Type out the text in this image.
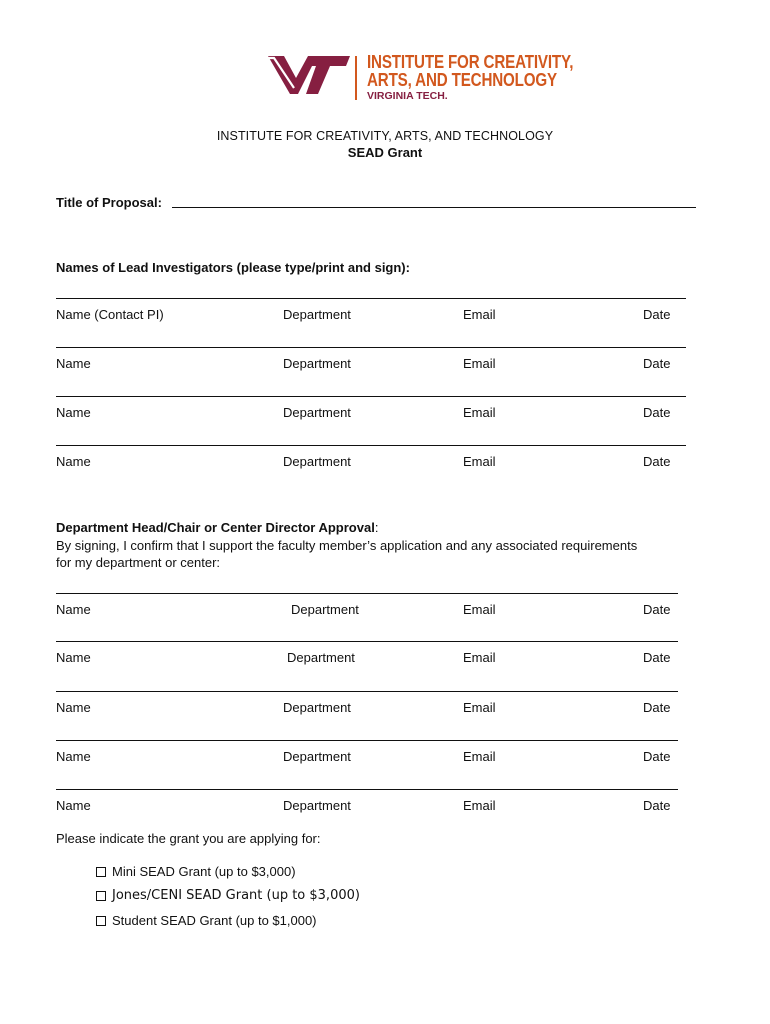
INSTITUTE FOR CREATIVITY,
ARTS, AND TECHNOLOGY
VIRGINIA TECH.
INSTITUTE FOR CREATIVITY, ARTS, AND TECHNOLOGY
SEAD Grant
Title of Proposal:
Names of Lead Investigators (please type/print and sign):
Name (Contact PI)	Department	Email	Date
Name	Department	Email	Date
Name	Department	Email	Date
Name	Department	Email	Date
Department Head/Chair or Center Director Approval:
By signing, I confirm that I support the faculty member’s application and any associated requirements
for my department or center:
Name	Department	Email	Date
Name	Department	Email	Date
Name	Department	Email	Date
Name	Department	Email	Date
Name	Department	Email	Date
Please indicate the grant you are applying for:
Mini SEAD Grant (up to $3,000)
Jones/CENI SEAD Grant (up to $3,000)
Student SEAD Grant (up to $1,000)
